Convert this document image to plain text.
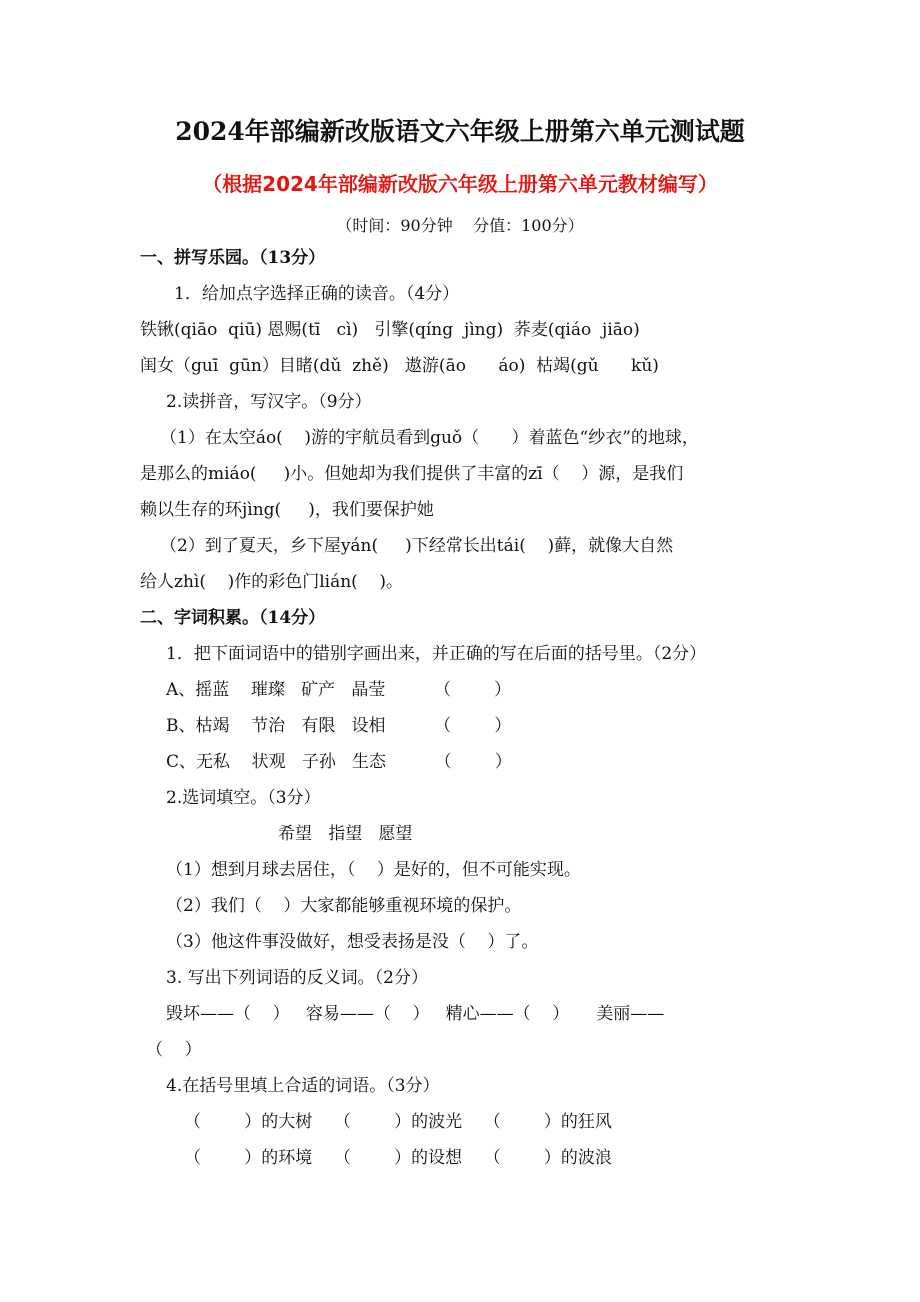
2024年部编新改版语文六年级上册第六单元测试题
（根据2024年部编新改版六年级上册第六单元教材编写）
（时间：90分钟    分值：100分）
一、拼写乐园。（13分）
1．给加点字选择正确的读音。（4分）
铁锹(qiāo  qiū) 恩赐(tī   cì)   引擎(qíng  jìng)  荞麦(qiáo  jiāo)
闺女（guī  gūn）目睹(dǔ  zhě)   遨游(āo      áo)  枯竭(gǔ      kǔ)
2.读拼音，写汉字。（9分）
（1）在太空áo(    )游的宇航员看到guǒ（      ）着蓝色“纱衣”的地球，
是那么的miáo(     )小。但她却为我们提供了丰富的zī（    ）源，是我们
赖以生存的环jìng(     )，我们要保护她
（2）到了夏天，乡下屋yán(     )下经常长出tái(    )藓，就像大自然
给人zhì(    )作的彩色门lián(    )。
二、字词积累。（14分）
1．把下面词语中的错别字画出来，并正确的写在后面的括号里。（2分）
A、摇蓝    璀璨   矿产   晶莹         （        ）
B、枯竭    节治   有限   设相         （        ）
C、无私    状观   子孙   生态         （        ）
2.选词填空。（3分）
希望   指望   愿望
（1）想到月球去居住，（    ）是好的，但不可能实现。
（2）我们（    ）大家都能够重视环境的保护。
（3）他这件事没做好，想受表扬是没（    ）了。
3. 写出下列词语的反义词。（2分）
毁坏——（    ）   容易——（    ）   精心——（    ）     美丽——
（    ）
4.在括号里填上合适的词语。（3分）
（        ）的大树    （        ）的波光    （        ）的狂风
（        ）的环境    （        ）的设想    （        ）的波浪
